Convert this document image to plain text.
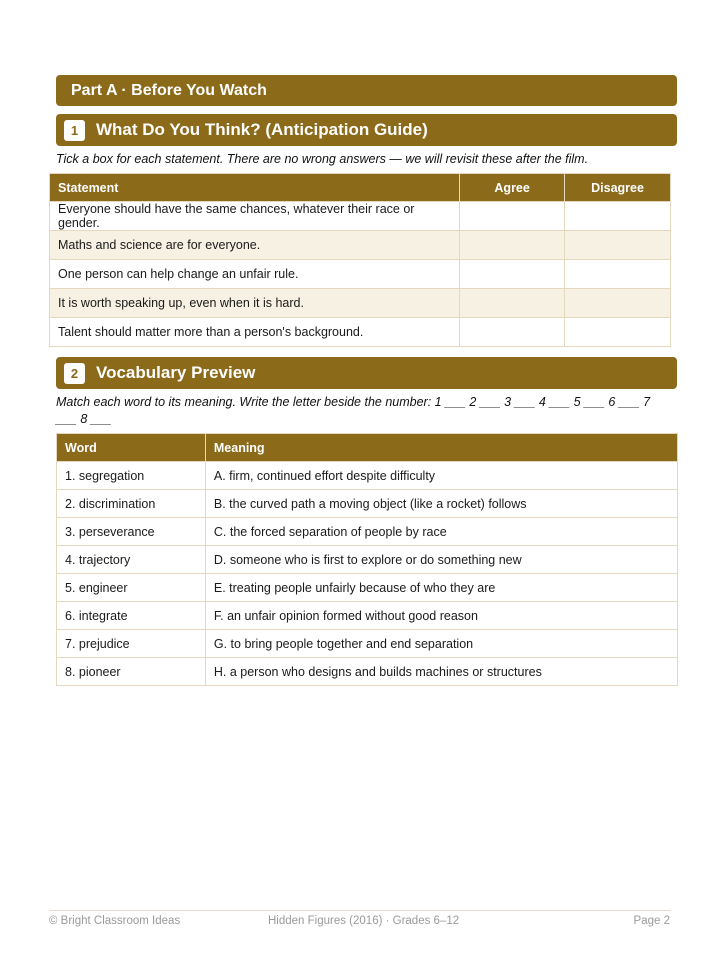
Part A · Before You Watch
1	What Do You Think? (Anticipation Guide)
Tick a box for each statement. There are no wrong answers — we will revisit these after the film.
Statement	Agree	Disagree
Everyone should have the same chances, whatever their race or gender.		
Maths and science are for everyone.		
One person can help change an unfair rule.		
It is worth speaking up, even when it is hard.		
Talent should matter more than a person's background.		
2	Vocabulary Preview
Match each word to its meaning. Write the letter beside the number: 1 ___ 2 ___ 3 ___ 4 ___ 5 ___ 6 ___ 7 ___ 8 ___
Word	Meaning
1. segregation	A. firm, continued effort despite difficulty
2. discrimination	B. the curved path a moving object (like a rocket) follows
3. perseverance	C. the forced separation of people by race
4. trajectory	D. someone who is first to explore or do something new
5. engineer	E. treating people unfairly because of who they are
6. integrate	F. an unfair opinion formed without good reason
7. prejudice	G. to bring people together and end separation
8. pioneer	H. a person who designs and builds machines or structures
© Bright Classroom Ideas	Hidden Figures (2016) · Grades 6–12	Page 2
